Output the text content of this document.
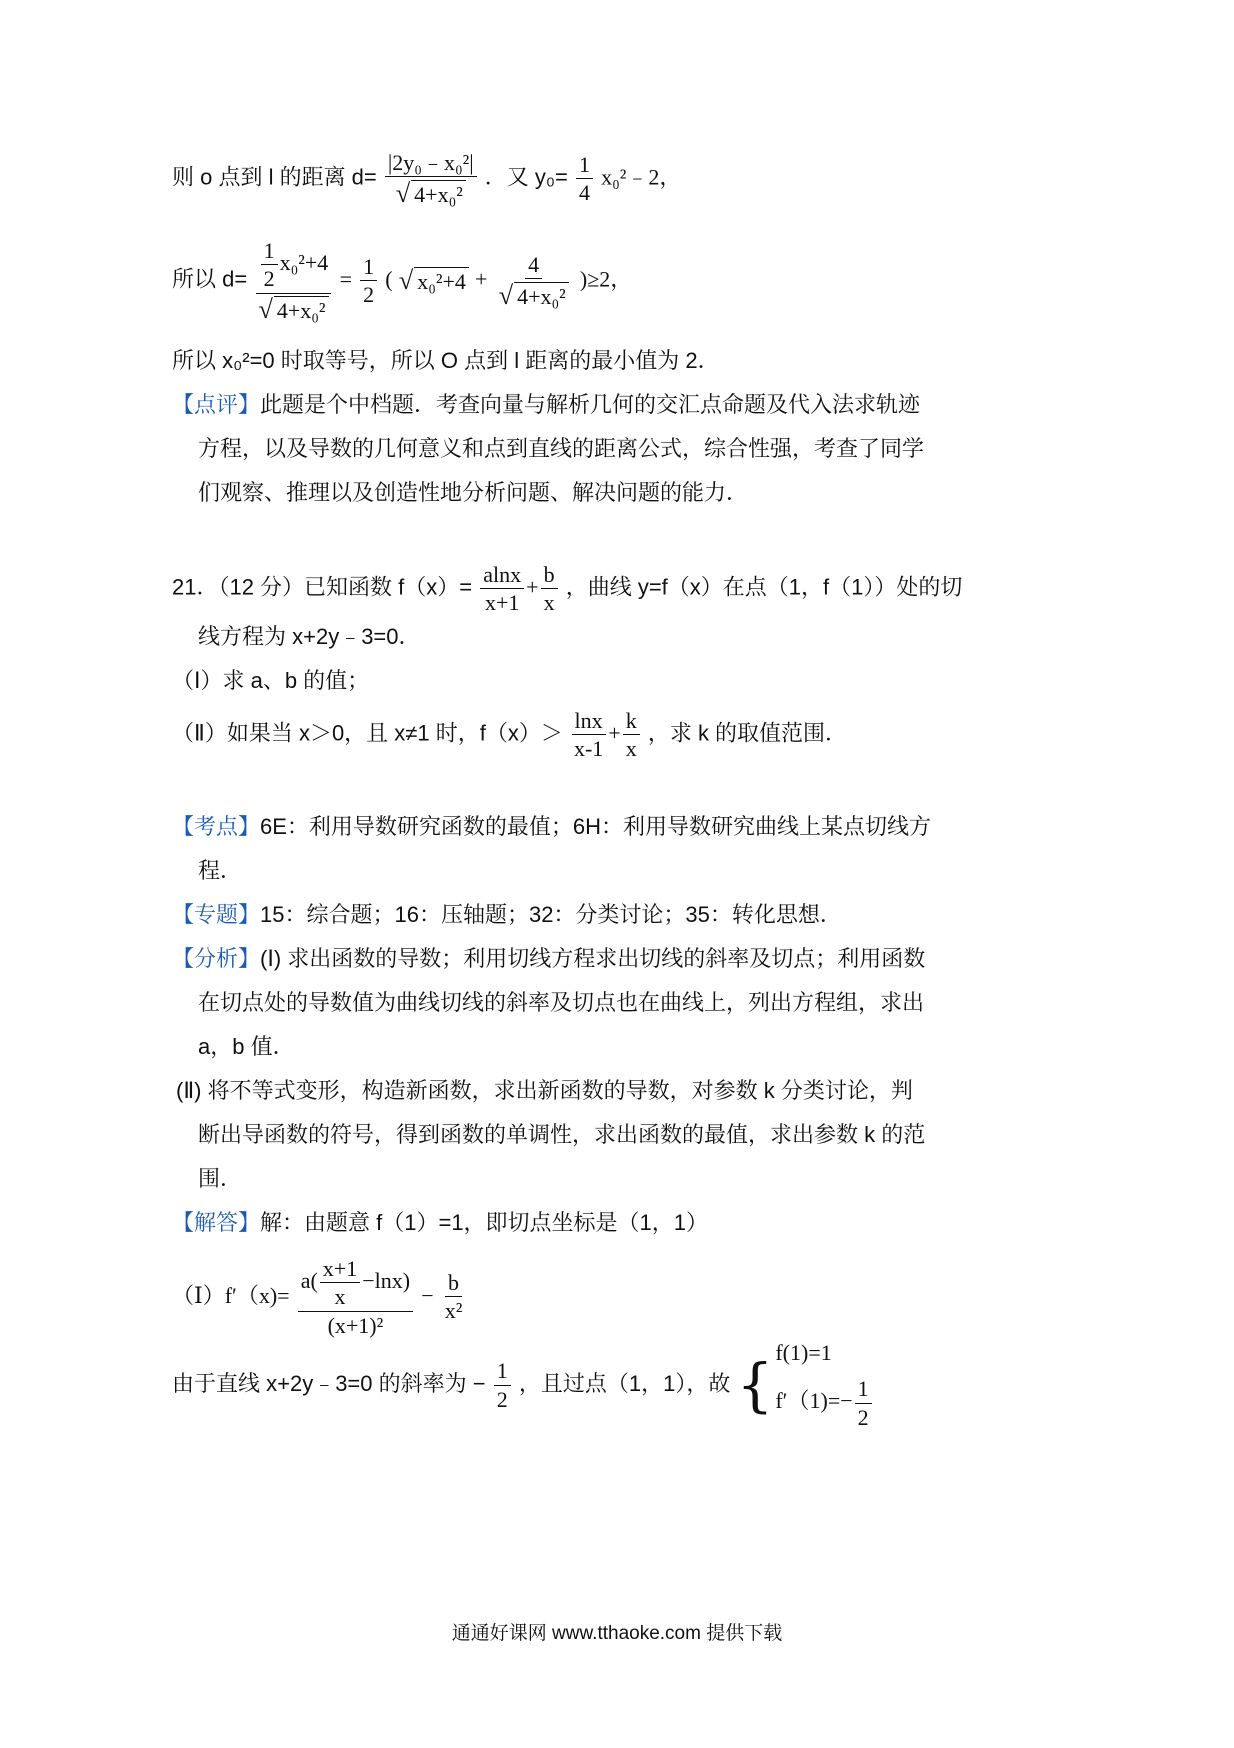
则 o 点到 l 的距离 $d= \frac{\text{|2y₀﹣x₀²|}}{\text{√ 4+x₀²}}$ ．又 $y_0= \frac{1}{4}$ x₀²﹣2，
所以 $d= \frac{\frac{1}{2} x_0^2+4}{\text{√ 4+x₀²}} = \frac{1}{2}$ ( √ $x_0^2+4 + \frac{4}{\text{√ 4+x₀²}} )\ge 2$，
所以 x₀²=0 时取等号，所以 O 点到 l 距离的最小值为 2．
【点评】此题是个中档题．考查向量与解析几何的交汇点命题及代入法求轨迹
方程，以及导数的几何意义和点到直线的距离公式，综合性强，考查了同学
们观察、推理以及创造性地分析问题、解决问题的能力．
21．（12 分）已知函数 $f(x)= \frac{alnx}{x+1} + \frac{b}{x}$ ，曲线 y=f（x）在点（1，f（1））处的切
线方程为 x+2y﹣3=0．
（Ⅰ）求 a、b 的值；
（Ⅱ）如果当 x＞0，且 x≠1 时，$f(x)> \frac{\ln x}{x-1} + \frac{k}{x}$ ，求 k 的取值范围．
【考点】6E：利用导数研究函数的最值；6H：利用导数研究曲线上某点切线方
程．
【专题】15：综合题；16：压轴题；32：分类讨论；35：转化思想．
【分析】(Ⅰ) 求出函数的导数；利用切线方程求出切线的斜率及切点；利用函数
在切点处的导数值为曲线切线的斜率及切点也在曲线上，列出方程组，求出
a，b 值．
(Ⅱ) 将不等式变形，构造新函数，求出新函数的导数，对参数 k 分类讨论，判
断出导函数的符号，得到函数的单调性，求出函数的最值，求出参数 k 的范
围．
【解答】解：由题意 f（1）=1，即切点坐标是（1，1）
（Ⅰ）f′（x)= $\frac{a( \frac{x+1}{x} -\ln x)}{\text{(x+1)²}} - \frac{b}{\text{x²}}$
由于直线 x+2y﹣3=0 的斜率为 − $\frac{1}{2}$ ，且过点（1，1），故 { f(1)=1
$f'(1)=- \frac{1}{2}$
通通好课网 www.tthaoke.com 提供下载
